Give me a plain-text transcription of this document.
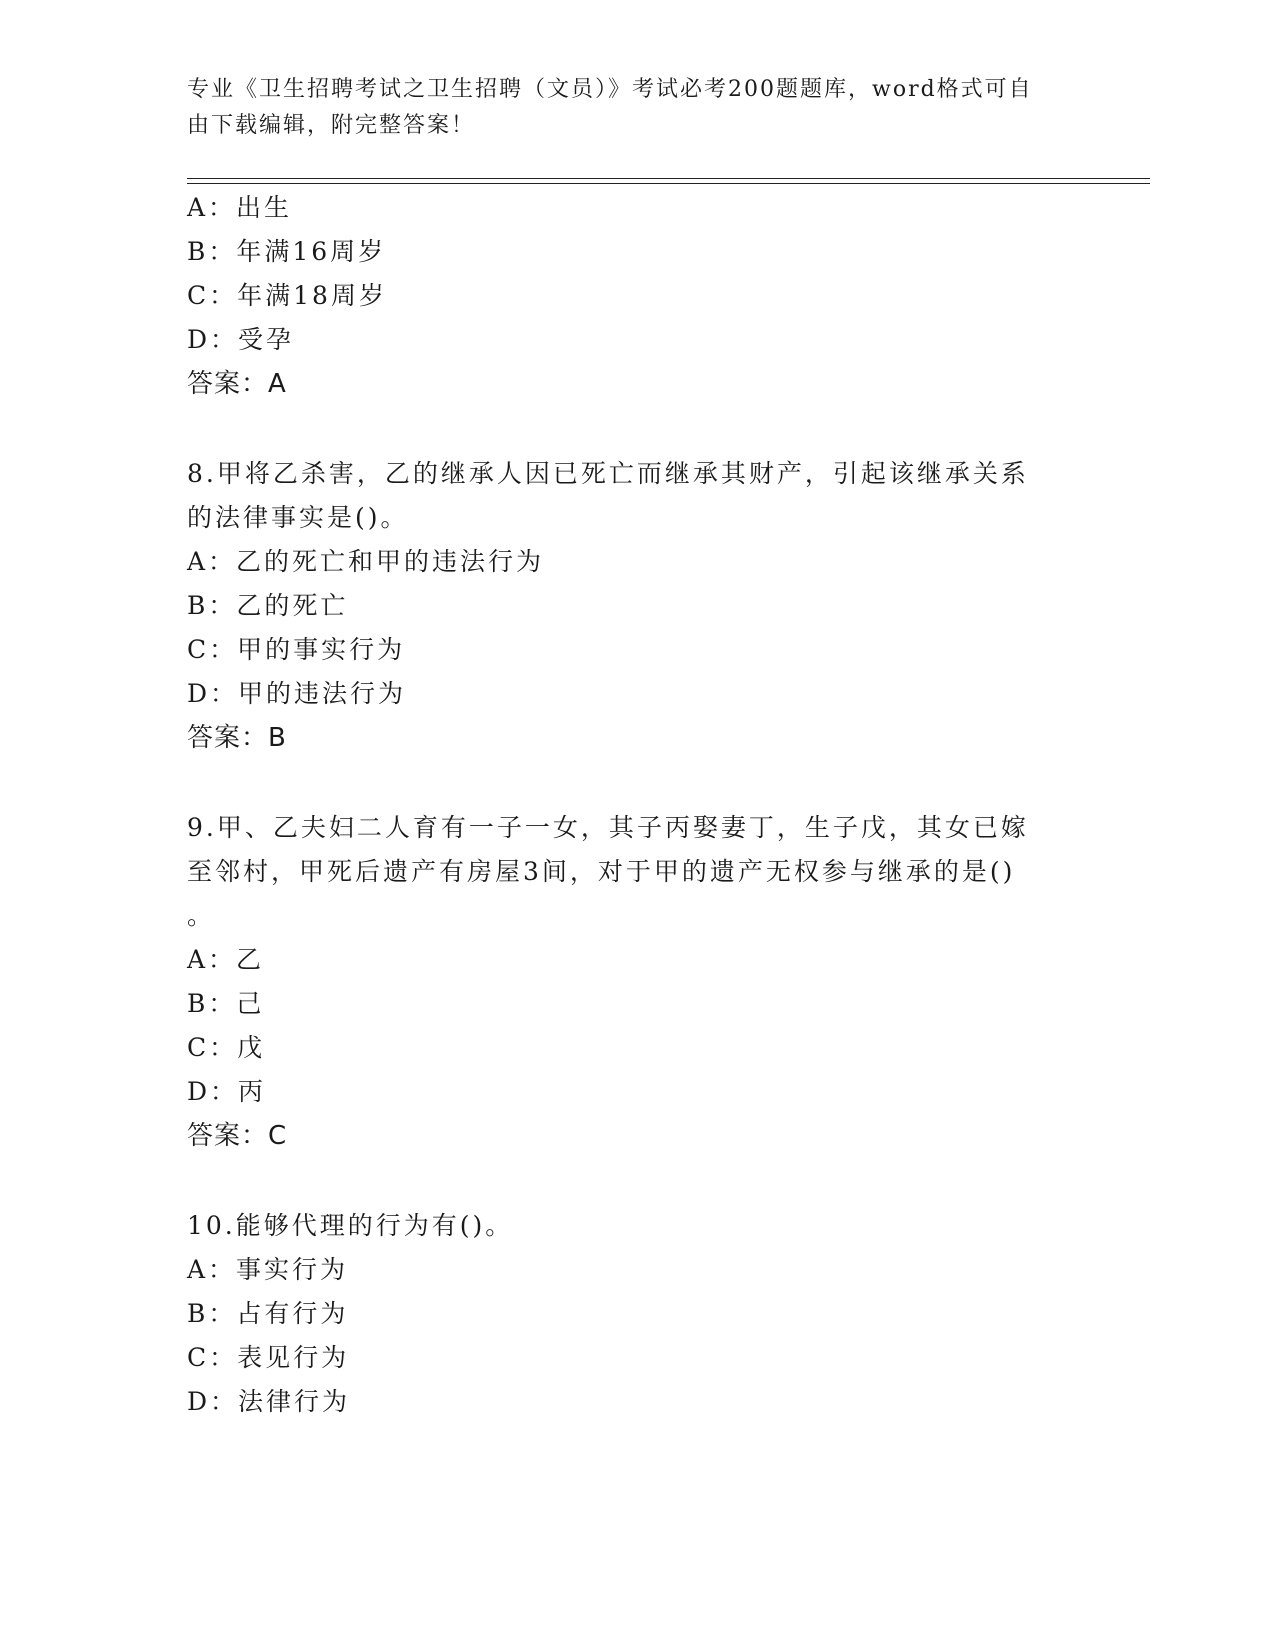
专业《卫生招聘考试之卫生招聘（文员）》考试必考200题题库，word格式可自
由下载编辑，附完整答案！

A：出生

B：年满16周岁

C：年满18周岁

D：受孕

答案：A

8.甲将乙杀害，乙的继承人因已死亡而继承其财产，引起该继承关系

的法律事实是()。

A：乙的死亡和甲的违法行为

B：乙的死亡

C：甲的事实行为

D：甲的违法行为

答案：B

9.甲、乙夫妇二人育有一子一女，其子丙娶妻丁，生子戊，其女已嫁

至邻村，甲死后遗产有房屋3间，对于甲的遗产无权参与继承的是()

。

A：乙

B：己

C：戊

D：丙

答案：C

10.能够代理的行为有()。

A：事实行为

B：占有行为

C：表见行为

D：法律行为
